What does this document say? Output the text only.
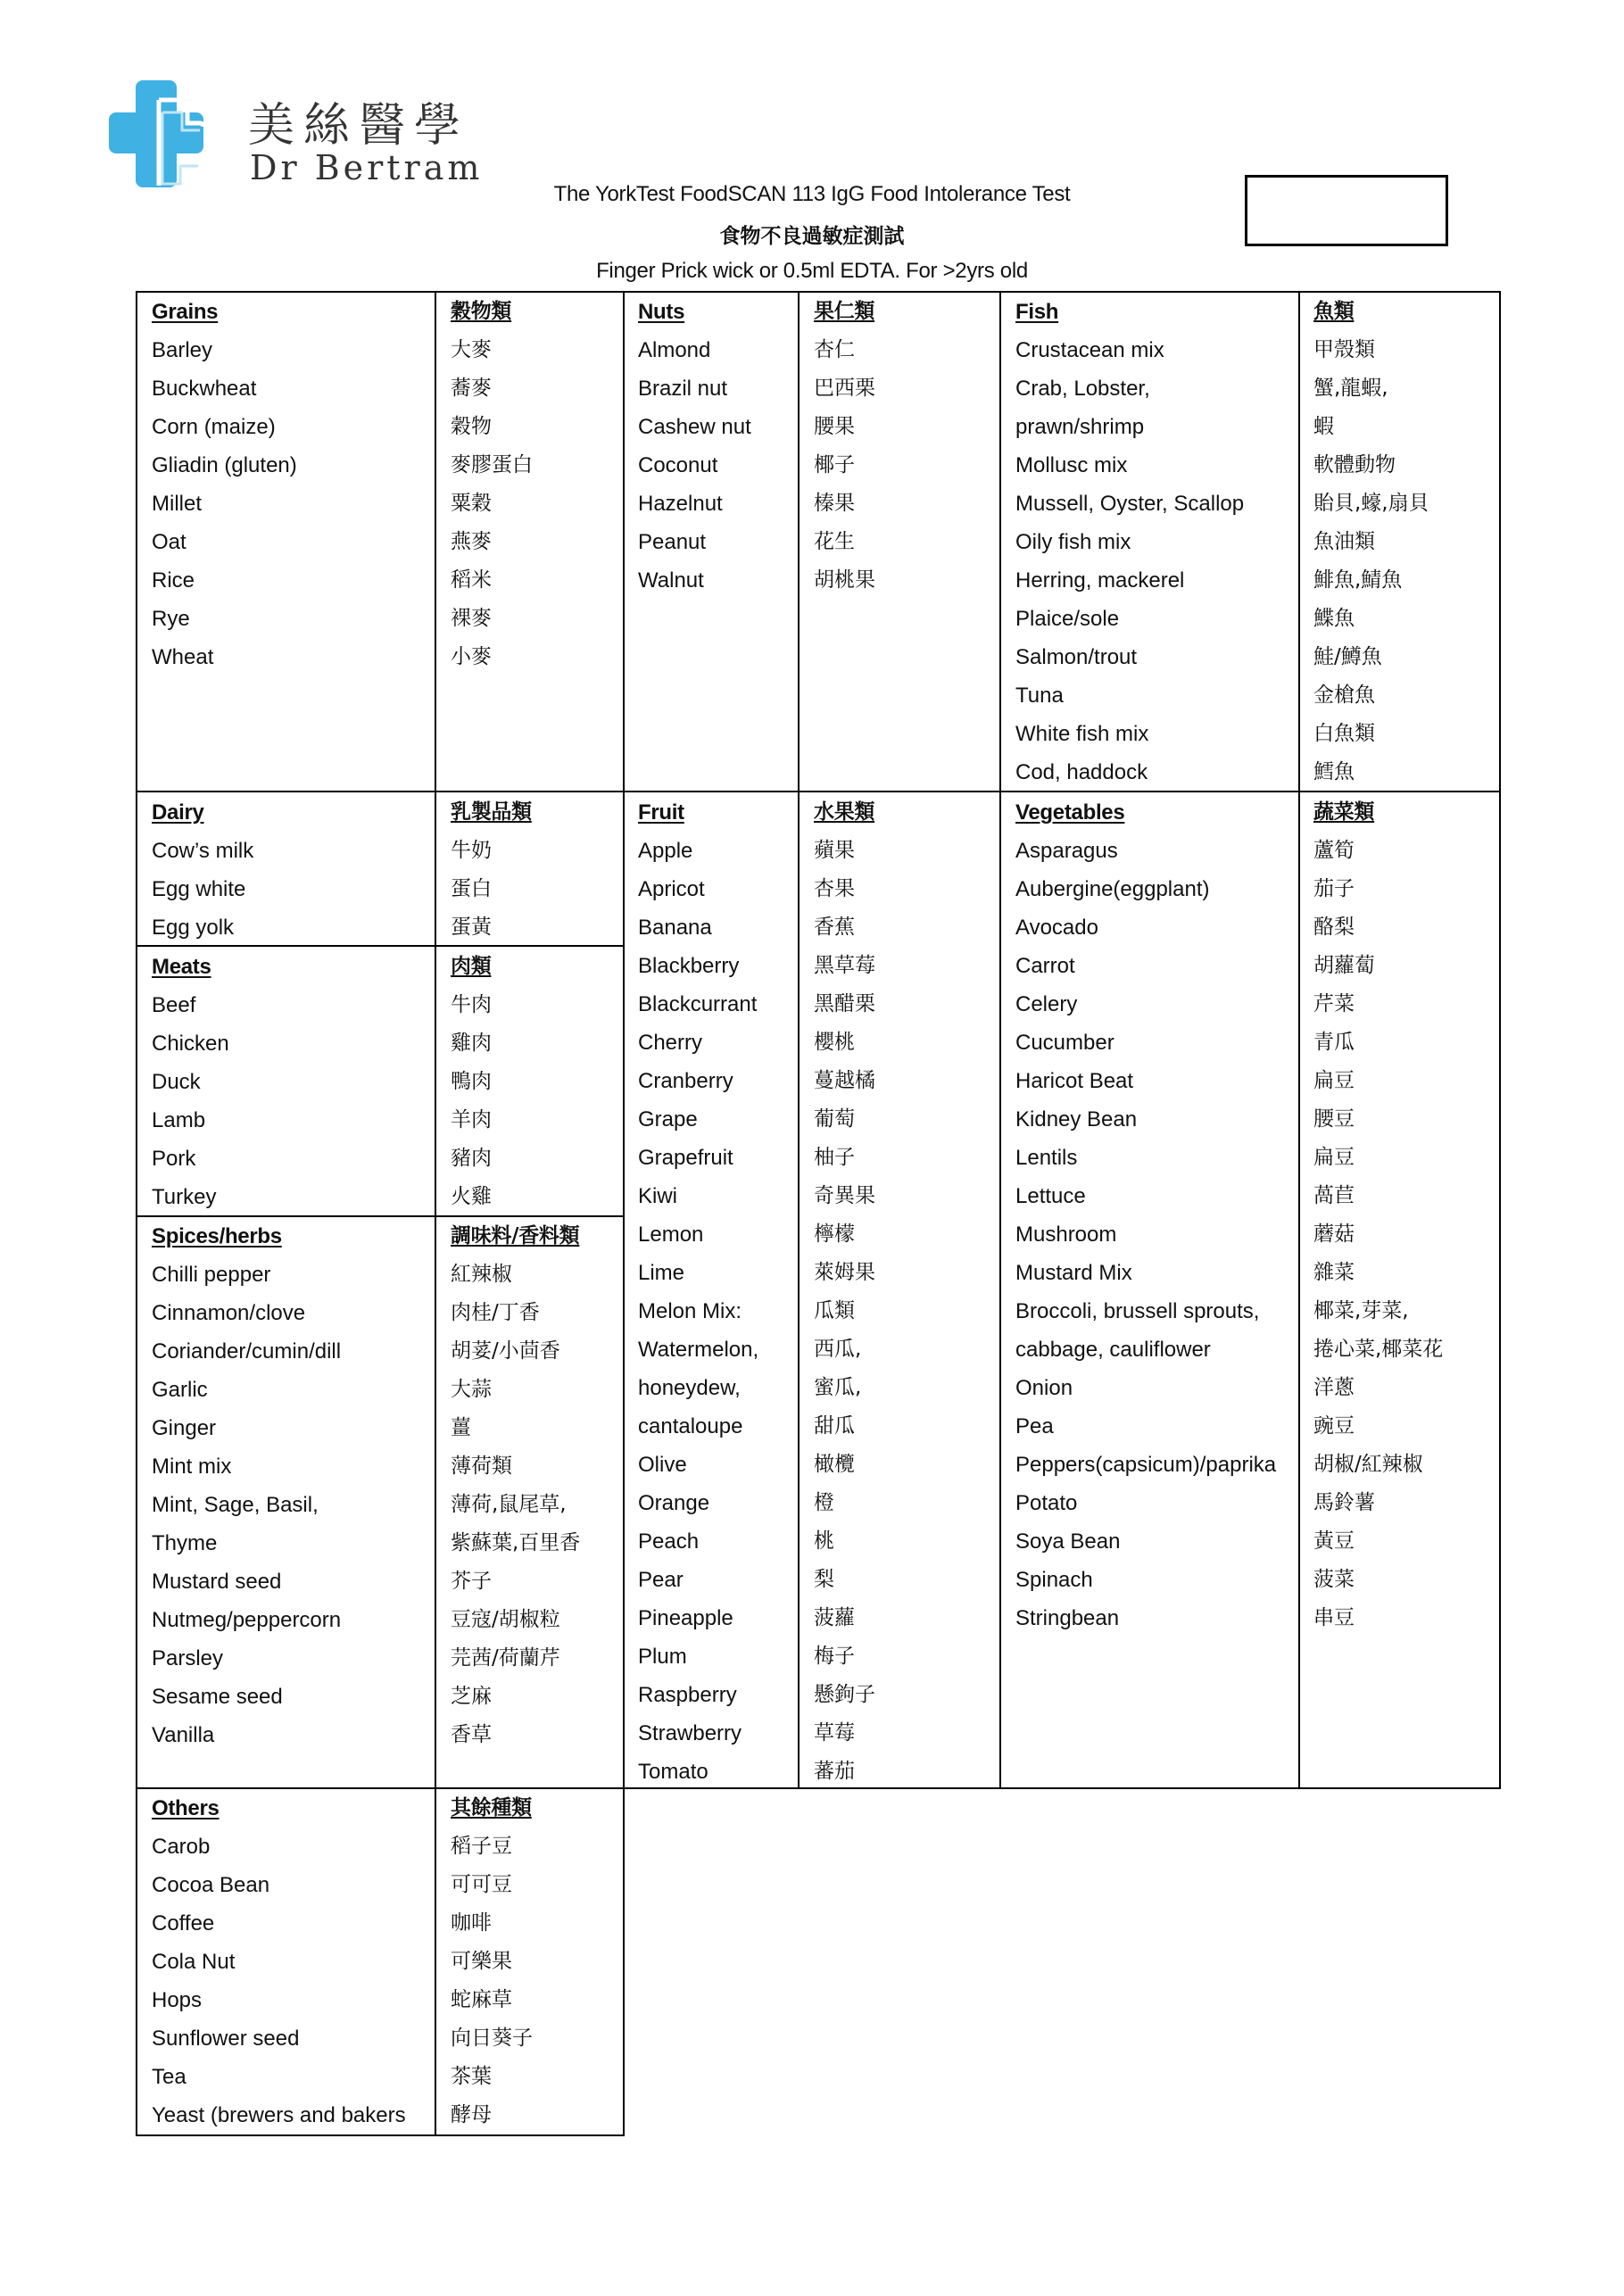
美絲醫學
Dr Bertram
The YorkTest FoodSCAN 113 IgG Food Intolerance Test
食物不良過敏症測試
Finger Prick wick or 0.5ml EDTA. For >2yrs old
Grains
Barley
Buckwheat
Corn (maize)
Gliadin (gluten)
Millet
Oat
Rice
Rye
Wheat
穀物類
大麥
蕎麥
穀物
麥膠蛋白
粟穀
燕麥
稻米
裸麥
小麥
Nuts
Almond
Brazil nut
Cashew nut
Coconut
Hazelnut
Peanut
Walnut
果仁類
杏仁
巴西栗
腰果
椰子
榛果
花生
胡桃果
Fish
Crustacean mix
Crab, Lobster,
prawn/shrimp
Mollusc mix
Mussell, Oyster, Scallop
Oily fish mix
Herring, mackerel
Plaice/sole
Salmon/trout
Tuna
White fish mix
Cod, haddock
魚類
甲殼類
蟹,龍蝦,
蝦
軟體動物
貽貝,蠔,扇貝
魚油類
鯡魚,鯖魚
鰈魚
鮭/鱒魚
金槍魚
白魚類
鱈魚
Dairy
Cow’s milk
Egg white
Egg yolk
乳製品類
牛奶
蛋白
蛋黃
Meats
Beef
Chicken
Duck
Lamb
Pork
Turkey
肉類
牛肉
雞肉
鴨肉
羊肉
豬肉
火雞
Spices/herbs
Chilli pepper
Cinnamon/clove
Coriander/cumin/dill
Garlic
Ginger
Mint mix
Mint, Sage, Basil,
Thyme
Mustard seed
Nutmeg/peppercorn
Parsley
Sesame seed
Vanilla
調味料/香料類
紅辣椒
肉桂/丁香
胡荽/小茴香
大蒜
薑
薄荷類
薄荷,鼠尾草,
紫蘇葉,百里香
芥子
豆寇/胡椒粒
芫茜/荷蘭芹
芝麻
香草
Fruit
Apple
Apricot
Banana
Blackberry
Blackcurrant
Cherry
Cranberry
Grape
Grapefruit
Kiwi
Lemon
Lime
Melon Mix:
Watermelon,
honeydew,
cantaloupe
Olive
Orange
Peach
Pear
Pineapple
Plum
Raspberry
Strawberry
Tomato
水果類
蘋果
杏果
香蕉
黑草莓
黑醋栗
櫻桃
蔓越橘
葡萄
柚子
奇異果
檸檬
萊姆果
瓜類
西瓜,
蜜瓜,
甜瓜
橄欖
橙
桃
梨
菠蘿
梅子
懸鉤子
草莓
蕃茄
Vegetables
Asparagus
Aubergine(eggplant)
Avocado
Carrot
Celery
Cucumber
Haricot Beat
Kidney Bean
Lentils
Lettuce
Mushroom
Mustard Mix
Broccoli, brussell sprouts,
cabbage, cauliflower
Onion
Pea
Peppers(capsicum)/paprika
Potato
Soya Bean
Spinach
Stringbean
蔬菜類
蘆筍
茄子
酪梨
胡蘿蔔
芹菜
青瓜
扁豆
腰豆
扁豆
萵苣
蘑菇
雜菜
椰菜,芽菜,
捲心菜,椰菜花
洋蔥
豌豆
胡椒/紅辣椒
馬鈴薯
黃豆
菠菜
串豆
Others
Carob
Cocoa Bean
Coffee
Cola Nut
Hops
Sunflower seed
Tea
Yeast (brewers and bakers
其餘種類
稻子豆
可可豆
咖啡
可樂果
蛇麻草
向日葵子
茶葉
酵母
